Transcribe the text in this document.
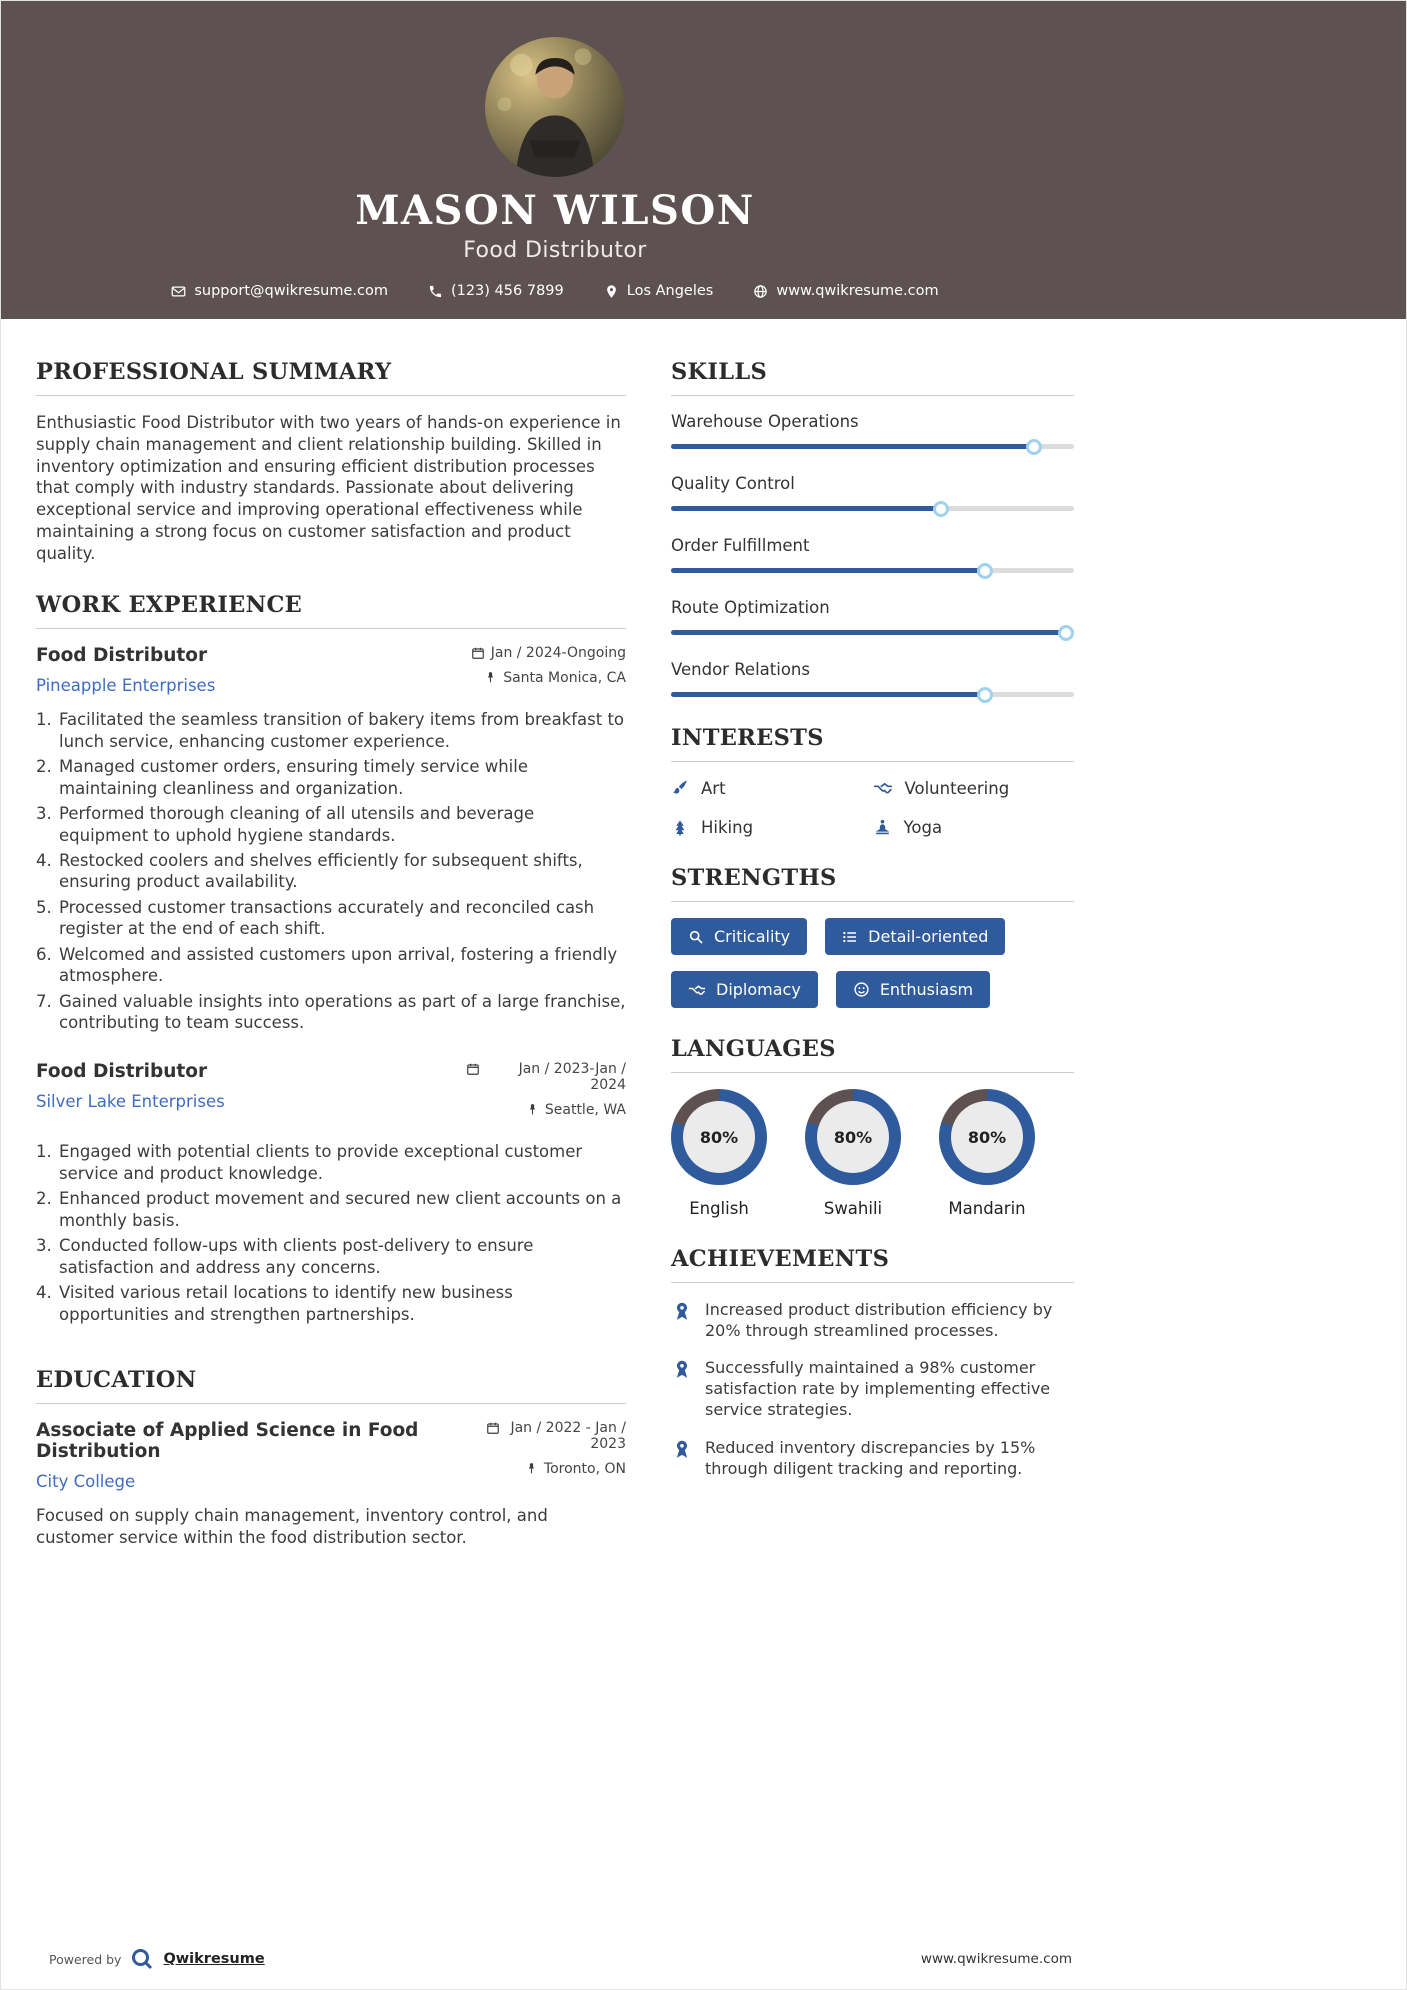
MASON WILSON
Food Distributor
support@qwikresume.com	(123) 456 7899	Los Angeles	www.qwikresume.com
PROFESSIONAL SUMMARY

Enthusiastic Food Distributor with two years of hands-on experience in supply chain management and client relationship building. Skilled in inventory optimization and ensuring efficient distribution processes that comply with industry standards. Passionate about delivering exceptional service and improving operational effectiveness while maintaining a strong focus on customer satisfaction and product quality.

WORK EXPERIENCE
Food Distributor
Pineapple Enterprises
Jan / 2024-Ongoing
Santa Monica, CA
1. Facilitated the seamless transition of bakery items from breakfast to lunch service, enhancing customer experience.
2. Managed customer orders, ensuring timely service while maintaining cleanliness and organization.
3. Performed thorough cleaning of all utensils and beverage equipment to uphold hygiene standards.
4. Restocked coolers and shelves efficiently for subsequent shifts, ensuring product availability.
5. Processed customer transactions accurately and reconciled cash register at the end of each shift.
6. Welcomed and assisted customers upon arrival, fostering a friendly atmosphere.
7. Gained valuable insights into operations as part of a large franchise, contributing to team success.
Food Distributor
Silver Lake Enterprises
Jan / 2023-Jan / 2024
Seattle, WA
1. Engaged with potential clients to provide exceptional customer service and product knowledge.
2. Enhanced product movement and secured new client accounts on a monthly basis.
3. Conducted follow-ups with clients post-delivery to ensure satisfaction and address any concerns.
4. Visited various retail locations to identify new business opportunities and strengthen partnerships.
EDUCATION
Associate of Applied Science in Food Distribution
City College
Jan / 2022 - Jan / 2023
Toronto, ON

Focused on supply chain management, inventory control, and customer service within the food distribution sector.

SKILLS
Warehouse Operations
Quality Control
Order Fulfillment
Route Optimization
Vendor Relations
INTERESTS
Art	Volunteering
Hiking	Yoga
STRENGTHS
Criticality	Detail-oriented
Diplomacy	Enthusiasm
LANGUAGES
80%
English
80%
Swahili
80%
Mandarin
ACHIEVEMENTS
Increased product distribution efficiency by 20% through streamlined processes.
Successfully maintained a 98% customer satisfaction rate by implementing effective service strategies.
Reduced inventory discrepancies by 15% through diligent tracking and reporting.
Powered by	Qwikresume	www.qwikresume.com
